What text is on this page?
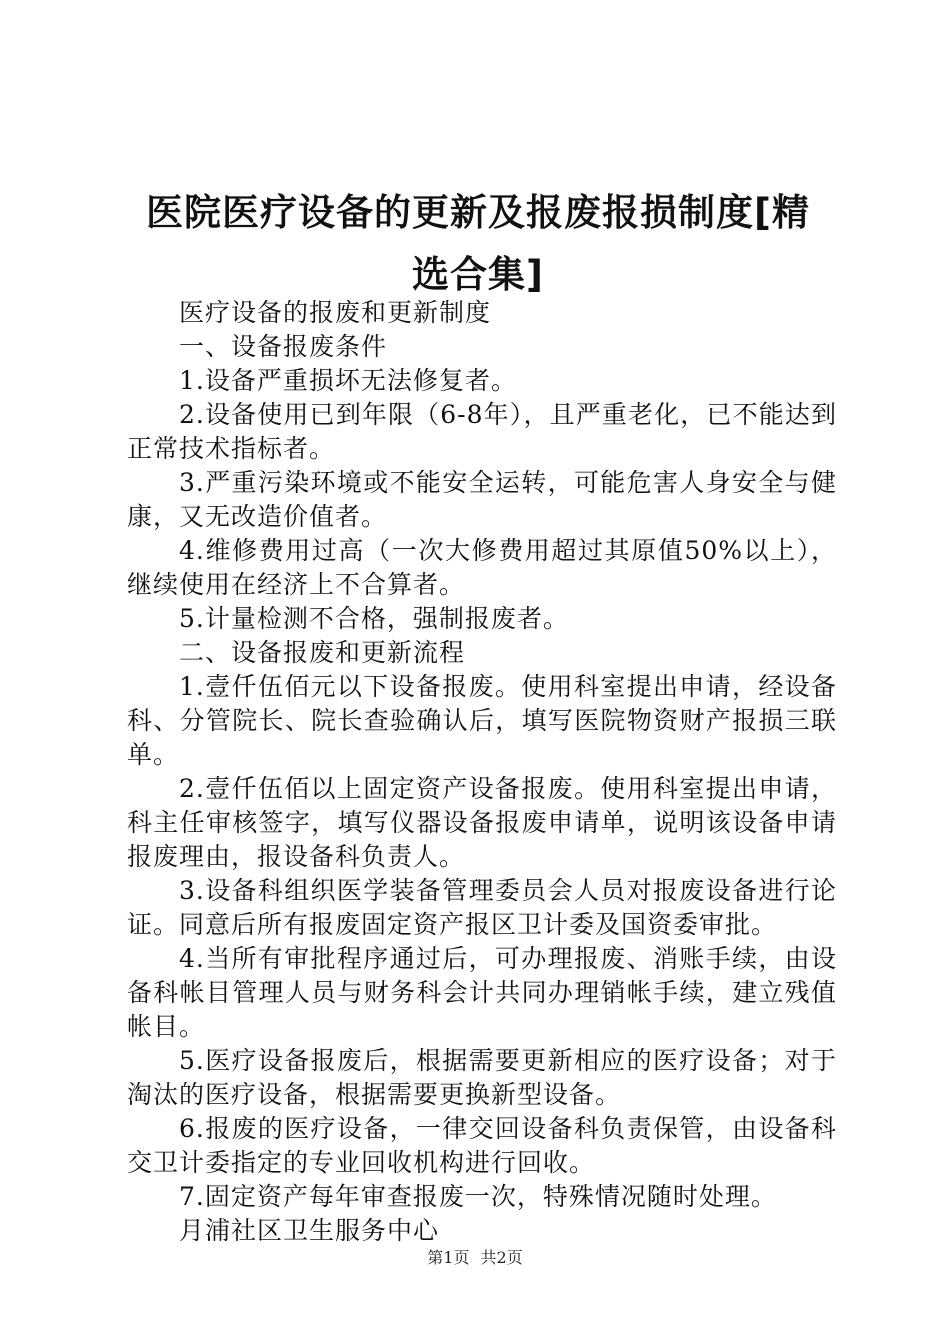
医院医疗设备的更新及报废报损制度[精选合集]

医疗设备的报废和更新制度

一、设备报废条件

1.设备严重损坏无法修复者。

2.设备使用已到年限（6-8年），且严重老化，已不能达到正常技术指标者。

3.严重污染环境或不能安全运转，可能危害人身安全与健康，又无改造价值者。

4.维修费用过高（一次大修费用超过其原值50%以上），继续使用在经济上不合算者。

5.计量检测不合格，强制报废者。

二、设备报废和更新流程

1.壹仟伍佰元以下设备报废。使用科室提出申请，经设备科、分管院长、院长查验确认后，填写医院物资财产报损三联单。

2.壹仟伍佰以上固定资产设备报废。使用科室提出申请，科主任审核签字，填写仪器设备报废申请单，说明该设备申请报废理由，报设备科负责人。

3.设备科组织医学装备管理委员会人员对报废设备进行论证。同意后所有报废固定资产报区卫计委及国资委审批。

4.当所有审批程序通过后，可办理报废、消账手续，由设备科帐目管理人员与财务科会计共同办理销帐手续，建立残值帐目。

5.医疗设备报废后，根据需要更新相应的医疗设备；对于淘汰的医疗设备，根据需要更换新型设备。

6.报废的医疗设备，一律交回设备科负责保管，由设备科交卫计委指定的专业回收机构进行回收。

7.固定资产每年审查报废一次，特殊情况随时处理。

月浦社区卫生服务中心

第1页 共2页
